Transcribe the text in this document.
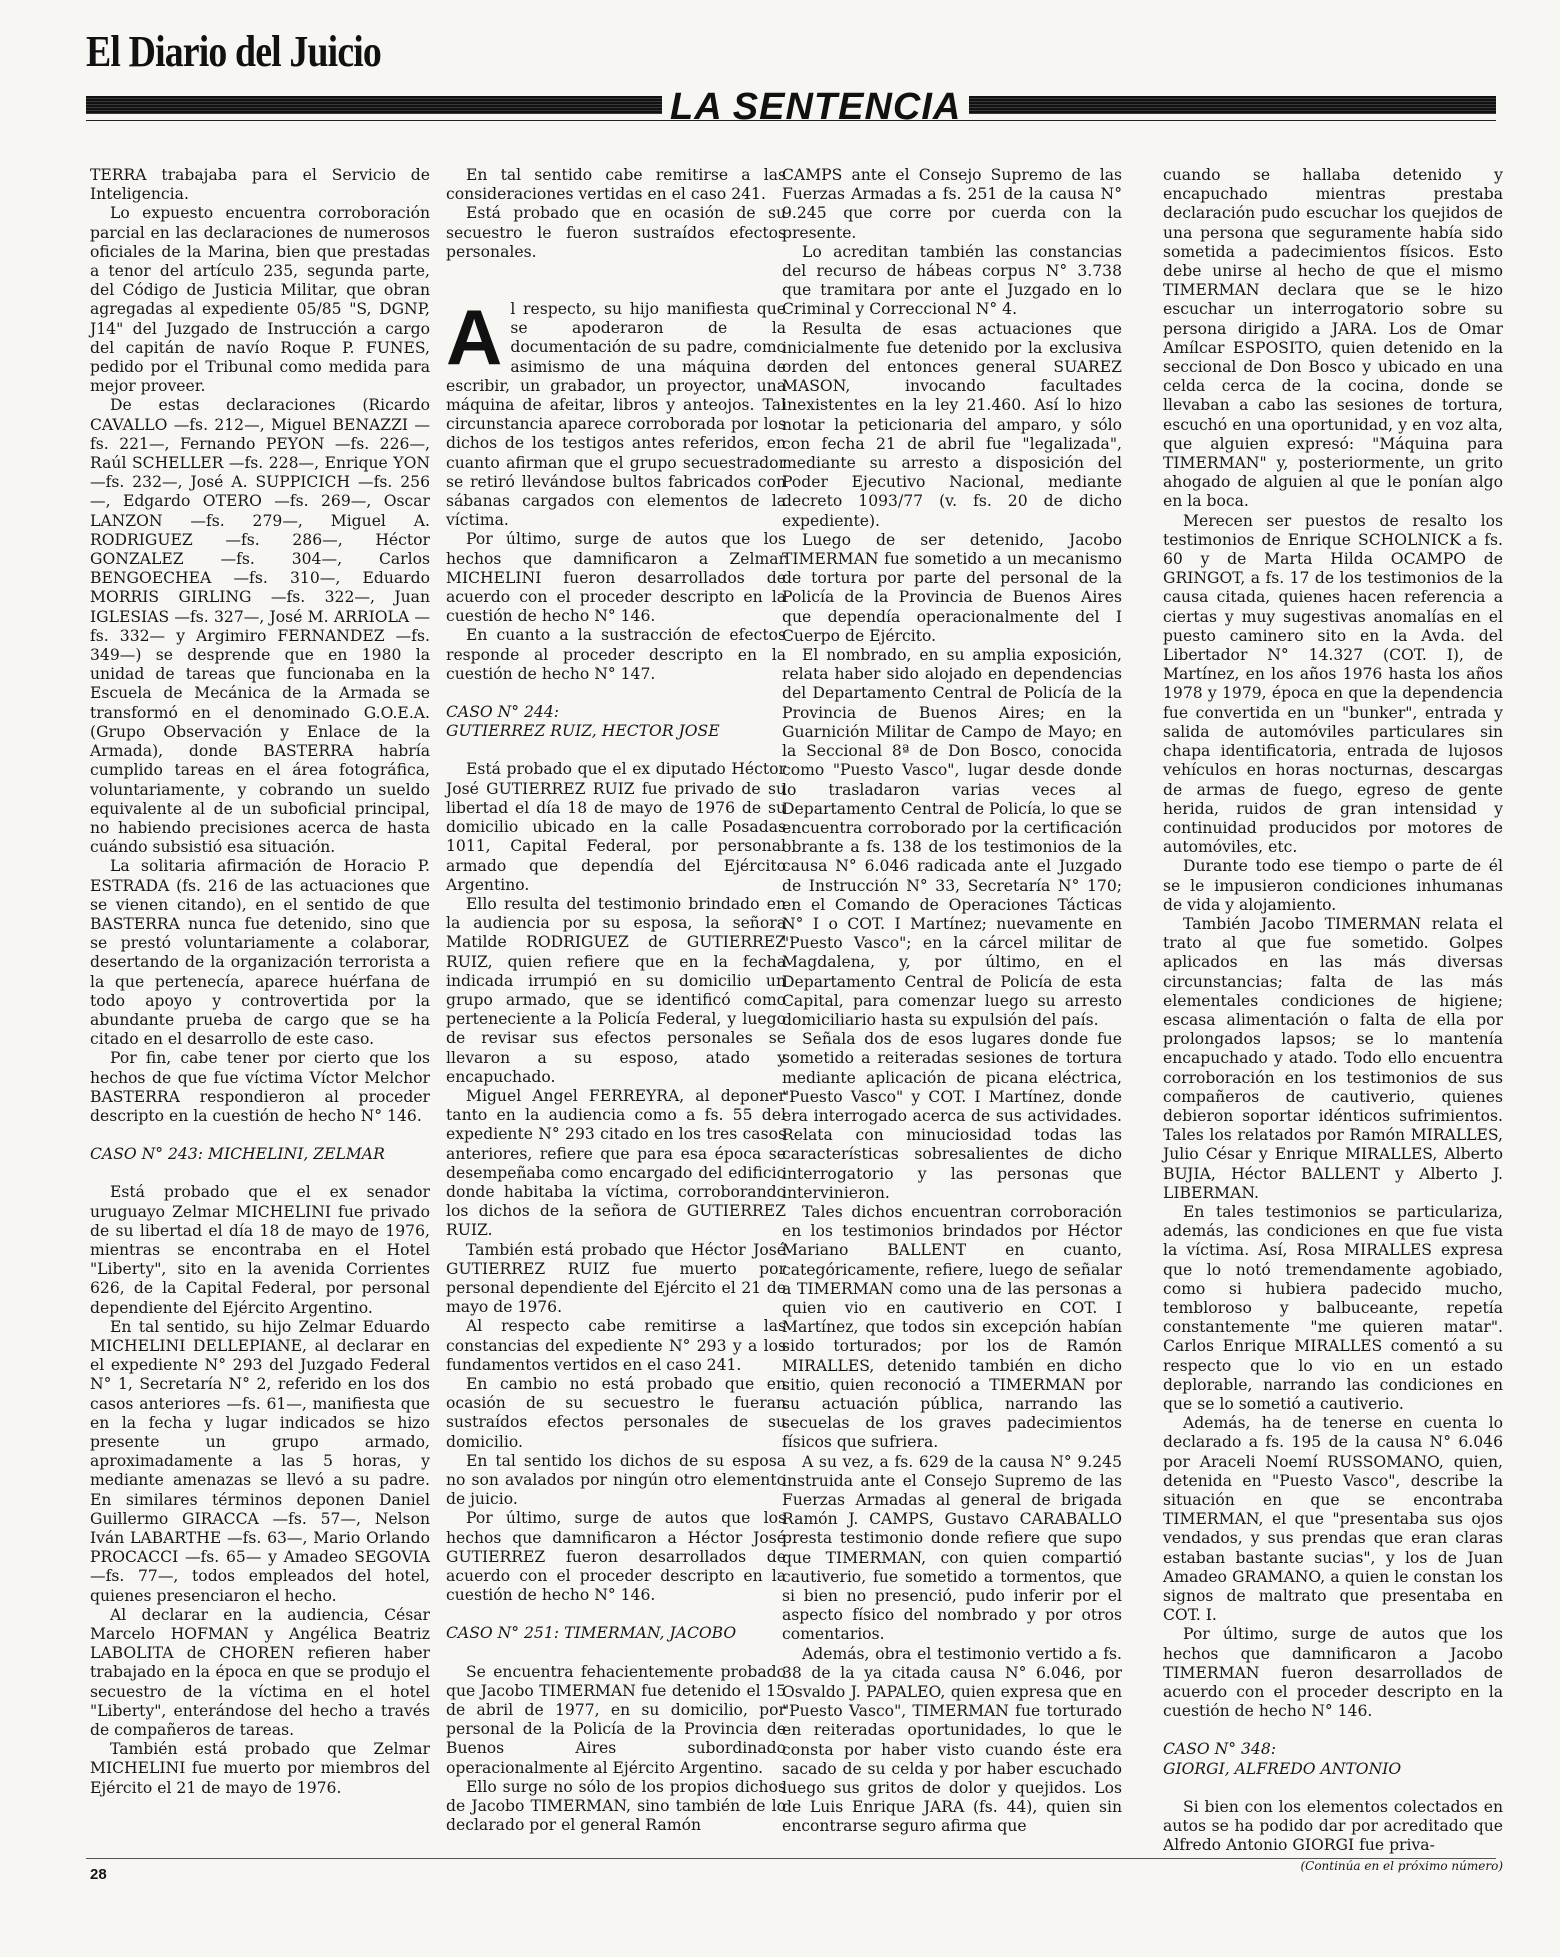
El Diario del Juicio
LA SENTENCIA

TERRA trabajaba para el Servicio de Inteligencia.

Lo expuesto encuentra corroboración parcial en las declaraciones de numerosos oficiales de la Marina, bien que prestadas a tenor del artículo 235, segunda parte, del Código de Justicia Militar, que obran agregadas al expediente 05/85 "S, DGNP, J14" del Juzgado de Instrucción a cargo del capitán de navío Roque P. FUNES, pedido por el Tribunal como medida para mejor proveer.

De estas declaraciones (Ricardo CAVALLO —fs. 212—, Miguel BENAZZI —fs. 221—, Fernando PEYON —fs. 226—, Raúl SCHELLER —fs. 228—, Enrique YON —fs. 232—, José A. SUPPICICH —fs. 256—, Edgardo OTERO —fs. 269—, Oscar LANZON —fs. 279—, Miguel A. RODRIGUEZ —fs. 286—, Héctor GONZALEZ —fs. 304—, Carlos BENGOECHEA —fs. 310—, Eduardo MORRIS GIRLING —fs. 322—, Juan IGLESIAS —fs. 327—, José M. ARRIOLA —fs. 332— y Argimiro FERNANDEZ —fs. 349—) se desprende que en 1980 la unidad de tareas que funcionaba en la Escuela de Mecánica de la Armada se transformó en el denominado G.O.E.A. (Grupo Observación y Enlace de la Armada), donde BASTERRA habría cumplido tareas en el área fotográfica, voluntariamente, y cobrando un sueldo equivalente al de un suboficial principal, no habiendo precisiones acerca de hasta cuándo subsistió esa situación.

La solitaria afirmación de Horacio P. ESTRADA (fs. 216 de las actuaciones que se vienen citando), en el sentido de que BASTERRA nunca fue detenido, sino que se prestó voluntariamente a colaborar, desertando de la organización terrorista a la que pertenecía, aparece huérfana de todo apoyo y controvertida por la abundante prueba de cargo que se ha citado en el desarrollo de este caso.

Por fin, cabe tener por cierto que los hechos de que fue víctima Víctor Melchor BASTERRA respondieron al proceder descripto en la cuestión de hecho N° 146.

CASO N° 243: MICHELINI, ZELMAR

Está probado que el ex senador uruguayo Zelmar MICHELINI fue privado de su libertad el día 18 de mayo de 1976, mientras se encontraba en el Hotel "Liberty", sito en la avenida Corrientes 626, de la Capital Federal, por personal dependiente del Ejército Argentino.

En tal sentido, su hijo Zelmar Eduardo MICHELINI DELLEPIANE, al declarar en el expediente N° 293 del Juzgado Federal N° 1, Secretaría N° 2, referido en los dos casos anteriores —fs. 61—, manifiesta que en la fecha y lugar indicados se hizo presente un grupo armado, aproximadamente a las 5 horas, y mediante amenazas se llevó a su padre. En similares términos deponen Daniel Guillermo GIRACCA —fs. 57—, Nelson Iván LABARTHE —fs. 63—, Mario Orlando PROCACCI —fs. 65— y Amadeo SEGOVIA —fs. 77—, todos empleados del hotel, quienes presenciaron el hecho.

Al declarar en la audiencia, César Marcelo HOFMAN y Angélica Beatriz LABOLITA de CHOREN refieren haber trabajado en la época en que se produjo el secuestro de la víctima en el hotel "Liberty", enterándose del hecho a través de compañeros de tareas.

También está probado que Zelmar MICHELINI fue muerto por miembros del Ejército el 21 de mayo de 1976.

En tal sentido cabe remitirse a las consideraciones vertidas en el caso 241.

Está probado que en ocasión de su secuestro le fueron sustraídos efectos personales.

Al respecto, su hijo manifiesta que se apoderaron de la documentación de su padre, como asimismo de una máquina de escribir, un grabador, un proyector, una máquina de afeitar, libros y anteojos. Tal circunstancia aparece corroborada por los dichos de los testigos antes referidos, en cuanto afirman que el grupo secuestrador se retiró llevándose bultos fabricados con sábanas cargados con elementos de la víctima.

Por último, surge de autos que los hechos que damnificaron a Zelmar MICHELINI fueron desarrollados de acuerdo con el proceder descripto en la cuestión de hecho N° 146.

En cuanto a la sustracción de efectos responde al proceder descripto en la cuestión de hecho N° 147.

CASO N° 244:

GUTIERREZ RUIZ, HECTOR JOSE

Está probado que el ex diputado Héctor José GUTIERREZ RUIZ fue privado de su libertad el día 18 de mayo de 1976 de su domicilio ubicado en la calle Posadas 1011, Capital Federal, por personal armado que dependía del Ejército Argentino.

Ello resulta del testimonio brindado en la audiencia por su esposa, la señora Matilde RODRIGUEZ de GUTIERREZ RUIZ, quien refiere que en la fecha indicada irrumpió en su domicilio un grupo armado, que se identificó como perteneciente a la Policía Federal, y luego de revisar sus efectos personales se llevaron a su esposo, atado y encapuchado.

Miguel Angel FERREYRA, al deponer tanto en la audiencia como a fs. 55 del expediente N° 293 citado en los tres casos anteriores, refiere que para esa época se desempeñaba como encargado del edificio donde habitaba la víctima, corroborando los dichos de la señora de GUTIERREZ RUIZ.

También está probado que Héctor José GUTIERREZ RUIZ fue muerto por personal dependiente del Ejército el 21 de mayo de 1976.

Al respecto cabe remitirse a las constancias del expediente N° 293 y a los fundamentos vertidos en el caso 241.

En cambio no está probado que en ocasión de su secuestro le fueran sustraídos efectos personales de su domicilio.

En tal sentido los dichos de su esposa no son avalados por ningún otro elemento de juicio.

Por último, surge de autos que los hechos que damnificaron a Héctor José GUTIERREZ fueron desarrollados de acuerdo con el proceder descripto en la cuestión de hecho N° 146.

CASO N° 251: TIMERMAN, JACOBO

Se encuentra fehacientemente probado que Jacobo TIMERMAN fue detenido el 15 de abril de 1977, en su domicilio, por personal de la Policía de la Provincia de Buenos Aires subordinado operacionalmente al Ejército Argentino.

Ello surge no sólo de los propios dichos de Jacobo TIMERMAN, sino también de lo declarado por el general Ramón

CAMPS ante el Consejo Supremo de las Fuerzas Armadas a fs. 251 de la causa N° 9.245 que corre por cuerda con la presente.

Lo acreditan también las constancias del recurso de hábeas corpus N° 3.738 que tramitara por ante el Juzgado en lo Criminal y Correccional N° 4.

Resulta de esas actuaciones que inicialmente fue detenido por la exclusiva orden del entonces general SUAREZ MASON, invocando facultades inexistentes en la ley 21.460. Así lo hizo notar la peticionaria del amparo, y sólo con fecha 21 de abril fue "legalizada", mediante su arresto a disposición del Poder Ejecutivo Nacional, mediante decreto 1093/77 (v. fs. 20 de dicho expediente).

Luego de ser detenido, Jacobo TIMERMAN fue sometido a un mecanismo de tortura por parte del personal de la Policía de la Provincia de Buenos Aires que dependía operacionalmente del I Cuerpo de Ejército.

El nombrado, en su amplia exposición, relata haber sido alojado en dependencias del Departamento Central de Policía de la Provincia de Buenos Aires; en la Guarnición Militar de Campo de Mayo; en la Seccional 8ª de Don Bosco, conocida como "Puesto Vasco", lugar desde donde lo trasladaron varias veces al Departamento Central de Policía, lo que se encuentra corroborado por la certificación obrante a fs. 138 de los testimonios de la causa N° 6.046 radicada ante el Juzgado de Instrucción N° 33, Secretaría N° 170; en el Comando de Operaciones Tácticas N° I o COT. I Martínez; nuevamente en "Puesto Vasco"; en la cárcel militar de Magdalena, y, por último, en el Departamento Central de Policía de esta Capital, para comenzar luego su arresto domiciliario hasta su expulsión del país.

Señala dos de esos lugares donde fue sometido a reiteradas sesiones de tortura mediante aplicación de picana eléctrica, "Puesto Vasco" y COT. I Martínez, donde era interrogado acerca de sus actividades. Relata con minuciosidad todas las características sobresalientes de dicho interrogatorio y las personas que intervinieron.

Tales dichos encuentran corroboración en los testimonios brindados por Héctor Mariano BALLENT en cuanto, categóricamente, refiere, luego de señalar a TIMERMAN como una de las personas a quien vio en cautiverio en COT. I Martínez, que todos sin excepción habían sido torturados; por los de Ramón MIRALLES, detenido también en dicho sitio, quien reconoció a TIMERMAN por su actuación pública, narrando las secuelas de los graves padecimientos físicos que sufriera.

A su vez, a fs. 629 de la causa N° 9.245 instruida ante el Consejo Supremo de las Fuerzas Armadas al general de brigada Ramón J. CAMPS, Gustavo CARABALLO presta testimonio donde refiere que supo que TIMERMAN, con quien compartió cautiverio, fue sometido a tormentos, que si bien no presenció, pudo inferir por el aspecto físico del nombrado y por otros comentarios.

Además, obra el testimonio vertido a fs. 38 de la ya citada causa N° 6.046, por Osvaldo J. PAPALEO, quien expresa que en "Puesto Vasco", TIMERMAN fue torturado en reiteradas oportunidades, lo que le consta por haber visto cuando éste era sacado de su celda y por haber escuchado luego sus gritos de dolor y quejidos. Los de Luis Enrique JARA (fs. 44), quien sin encontrarse seguro afirma que

cuando se hallaba detenido y encapuchado mientras prestaba declaración pudo escuchar los quejidos de una persona que seguramente había sido sometida a padecimientos físicos. Esto debe unirse al hecho de que el mismo TIMERMAN declara que se le hizo escuchar un interrogatorio sobre su persona dirigido a JARA. Los de Omar Amílcar ESPOSITO, quien detenido en la seccional de Don Bosco y ubicado en una celda cerca de la cocina, donde se llevaban a cabo las sesiones de tortura, escuchó en una oportunidad, y en voz alta, que alguien expresó: "Máquina para TIMERMAN" y, posteriormente, un grito ahogado de alguien al que le ponían algo en la boca.

Merecen ser puestos de resalto los testimonios de Enrique SCHOLNICK a fs. 60 y de Marta Hilda OCAMPO de GRINGOT, a fs. 17 de los testimonios de la causa citada, quienes hacen referencia a ciertas y muy sugestivas anomalías en el puesto caminero sito en la Avda. del Libertador N° 14.327 (COT. I), de Martínez, en los años 1976 hasta los años 1978 y 1979, época en que la dependencia fue convertida en un "bunker", entrada y salida de automóviles particulares sin chapa identificatoria, entrada de lujosos vehículos en horas nocturnas, descargas de armas de fuego, egreso de gente herida, ruidos de gran intensidad y continuidad producidos por motores de automóviles, etc.

Durante todo ese tiempo o parte de él se le impusieron condiciones inhumanas de vida y alojamiento.

También Jacobo TIMERMAN relata el trato al que fue sometido. Golpes aplicados en las más diversas circunstancias; falta de las más elementales condiciones de higiene; escasa alimentación o falta de ella por prolongados lapsos; se lo mantenía encapuchado y atado. Todo ello encuentra corroboración en los testimonios de sus compañeros de cautiverio, quienes debieron soportar idénticos sufrimientos. Tales los relatados por Ramón MIRALLES, Julio César y Enrique MIRALLES, Alberto BUJIA, Héctor BALLENT y Alberto J. LIBERMAN.

En tales testimonios se particulariza, además, las condiciones en que fue vista la víctima. Así, Rosa MIRALLES expresa que lo notó tremendamente agobiado, como si hubiera padecido mucho, tembloroso y balbuceante, repetía constantemente "me quieren matar". Carlos Enrique MIRALLES comentó a su respecto que lo vio en un estado deplorable, narrando las condiciones en que se lo sometió a cautiverio.

Además, ha de tenerse en cuenta lo declarado a fs. 195 de la causa N° 6.046 por Araceli Noemí RUSSOMANO, quien, detenida en "Puesto Vasco", describe la situación en que se encontraba TIMERMAN, el que "presentaba sus ojos vendados, y sus prendas que eran claras estaban bastante sucias", y los de Juan Amadeo GRAMANO, a quien le constan los signos de maltrato que presentaba en COT. I.

Por último, surge de autos que los hechos que damnificaron a Jacobo TIMERMAN fueron desarrollados de acuerdo con el proceder descripto en la cuestión de hecho N° 146.

CASO N° 348:

GIORGI, ALFREDO ANTONIO

Si bien con los elementos colectados en autos se ha podido dar por acreditado que Alfredo Antonio GIORGI fue priva-

(Continúa en el próximo número)
28
